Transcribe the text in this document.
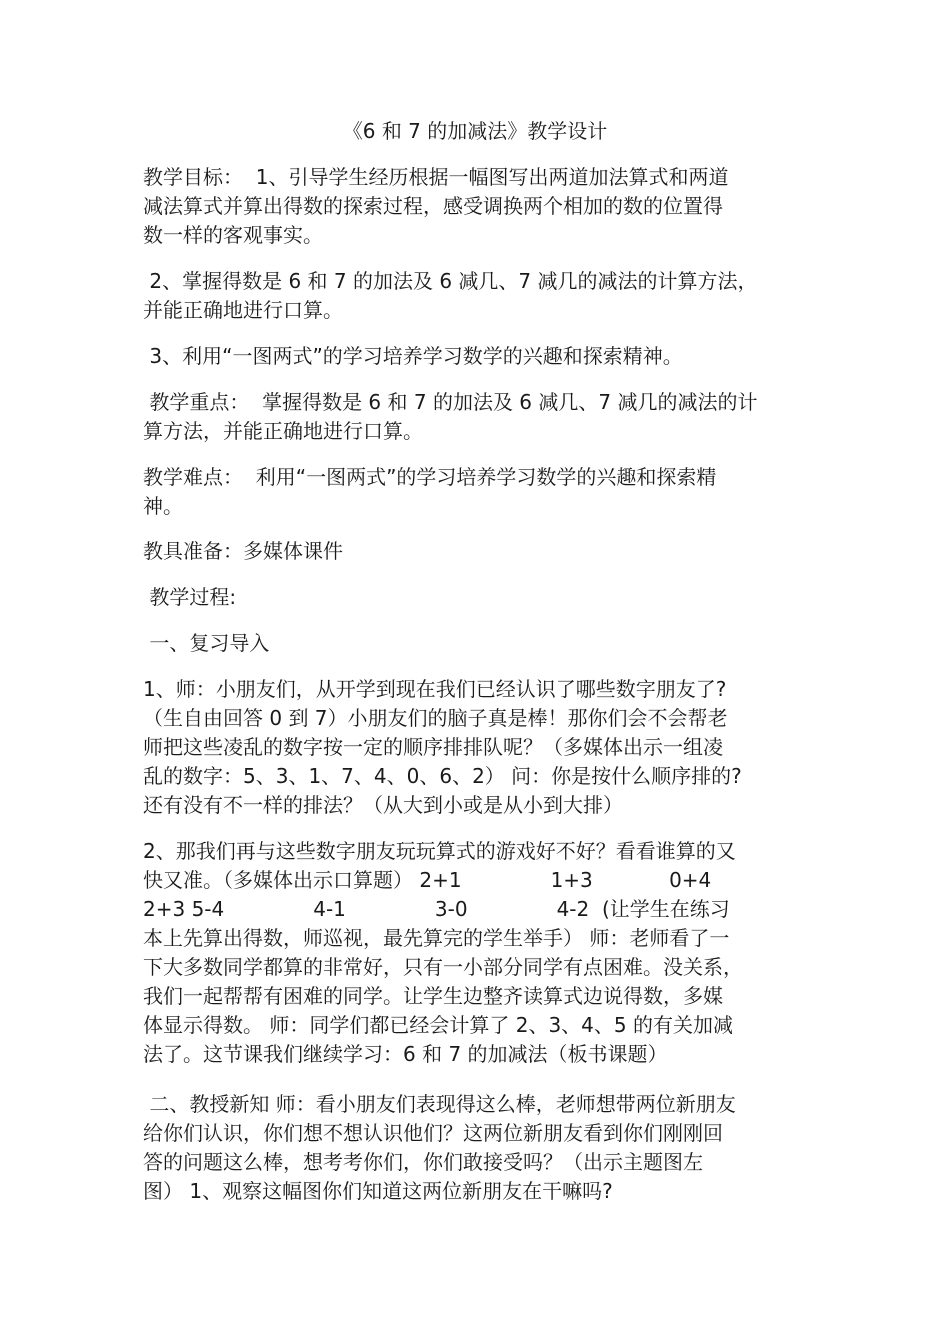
《6 和 7 的加减法》教学设计
教学目标：  1、引导学生经历根据一幅图写出两道加法算式和两道
减法算式并算出得数的探索过程，感受调换两个相加的数的位置得
数一样的客观事实。
2、掌握得数是 6 和 7 的加法及 6 减几、7 减几的减法的计算方法，
并能正确地进行口算。
3、利用“一图两式”的学习培养学习数学的兴趣和探索精神。
教学重点：  掌握得数是 6 和 7 的加法及 6 减几、7 减几的减法的计
算方法，并能正确地进行口算。
教学难点：  利用“一图两式”的学习培养学习数学的兴趣和探索精
神。
教具准备：多媒体课件
教学过程:
一、复习导入
1、师：小朋友们，从开学到现在我们已经认识了哪些数字朋友了?
（生自由回答 0 到 7）小朋友们的脑子真是棒！那你们会不会帮老
师把这些凌乱的数字按一定的顺序排排队呢？（多媒体出示一组凌
乱的数字：5、3、1、7、4、0、6、2） 问：你是按什么顺序排的?
还有没有不一样的排法？（从大到小或是从小到大排）
2、那我们再与这些数字朋友玩玩算式的游戏好不好？看看谁算的又
快又准。（多媒体出示口算题） 2+1              1+3            0+4
2+3 5-4              4-1              3-0              4-2  (让学生在练习
本上先算出得数，师巡视，最先算完的学生举手） 师：老师看了一
下大多数同学都算的非常好，只有一小部分同学有点困难。没关系，
我们一起帮帮有困难的同学。让学生边整齐读算式边说得数，多媒
体显示得数。 师：同学们都已经会计算了 2、3、4、5 的有关加减
法了。这节课我们继续学习：6 和 7 的加减法（板书课题）
二、教授新知 师：看小朋友们表现得这么棒，老师想带两位新朋友
给你们认识，你们想不想认识他们？这两位新朋友看到你们刚刚回
答的问题这么棒，想考考你们，你们敢接受吗？（出示主题图左
图） 1、观察这幅图你们知道这两位新朋友在干嘛吗?
